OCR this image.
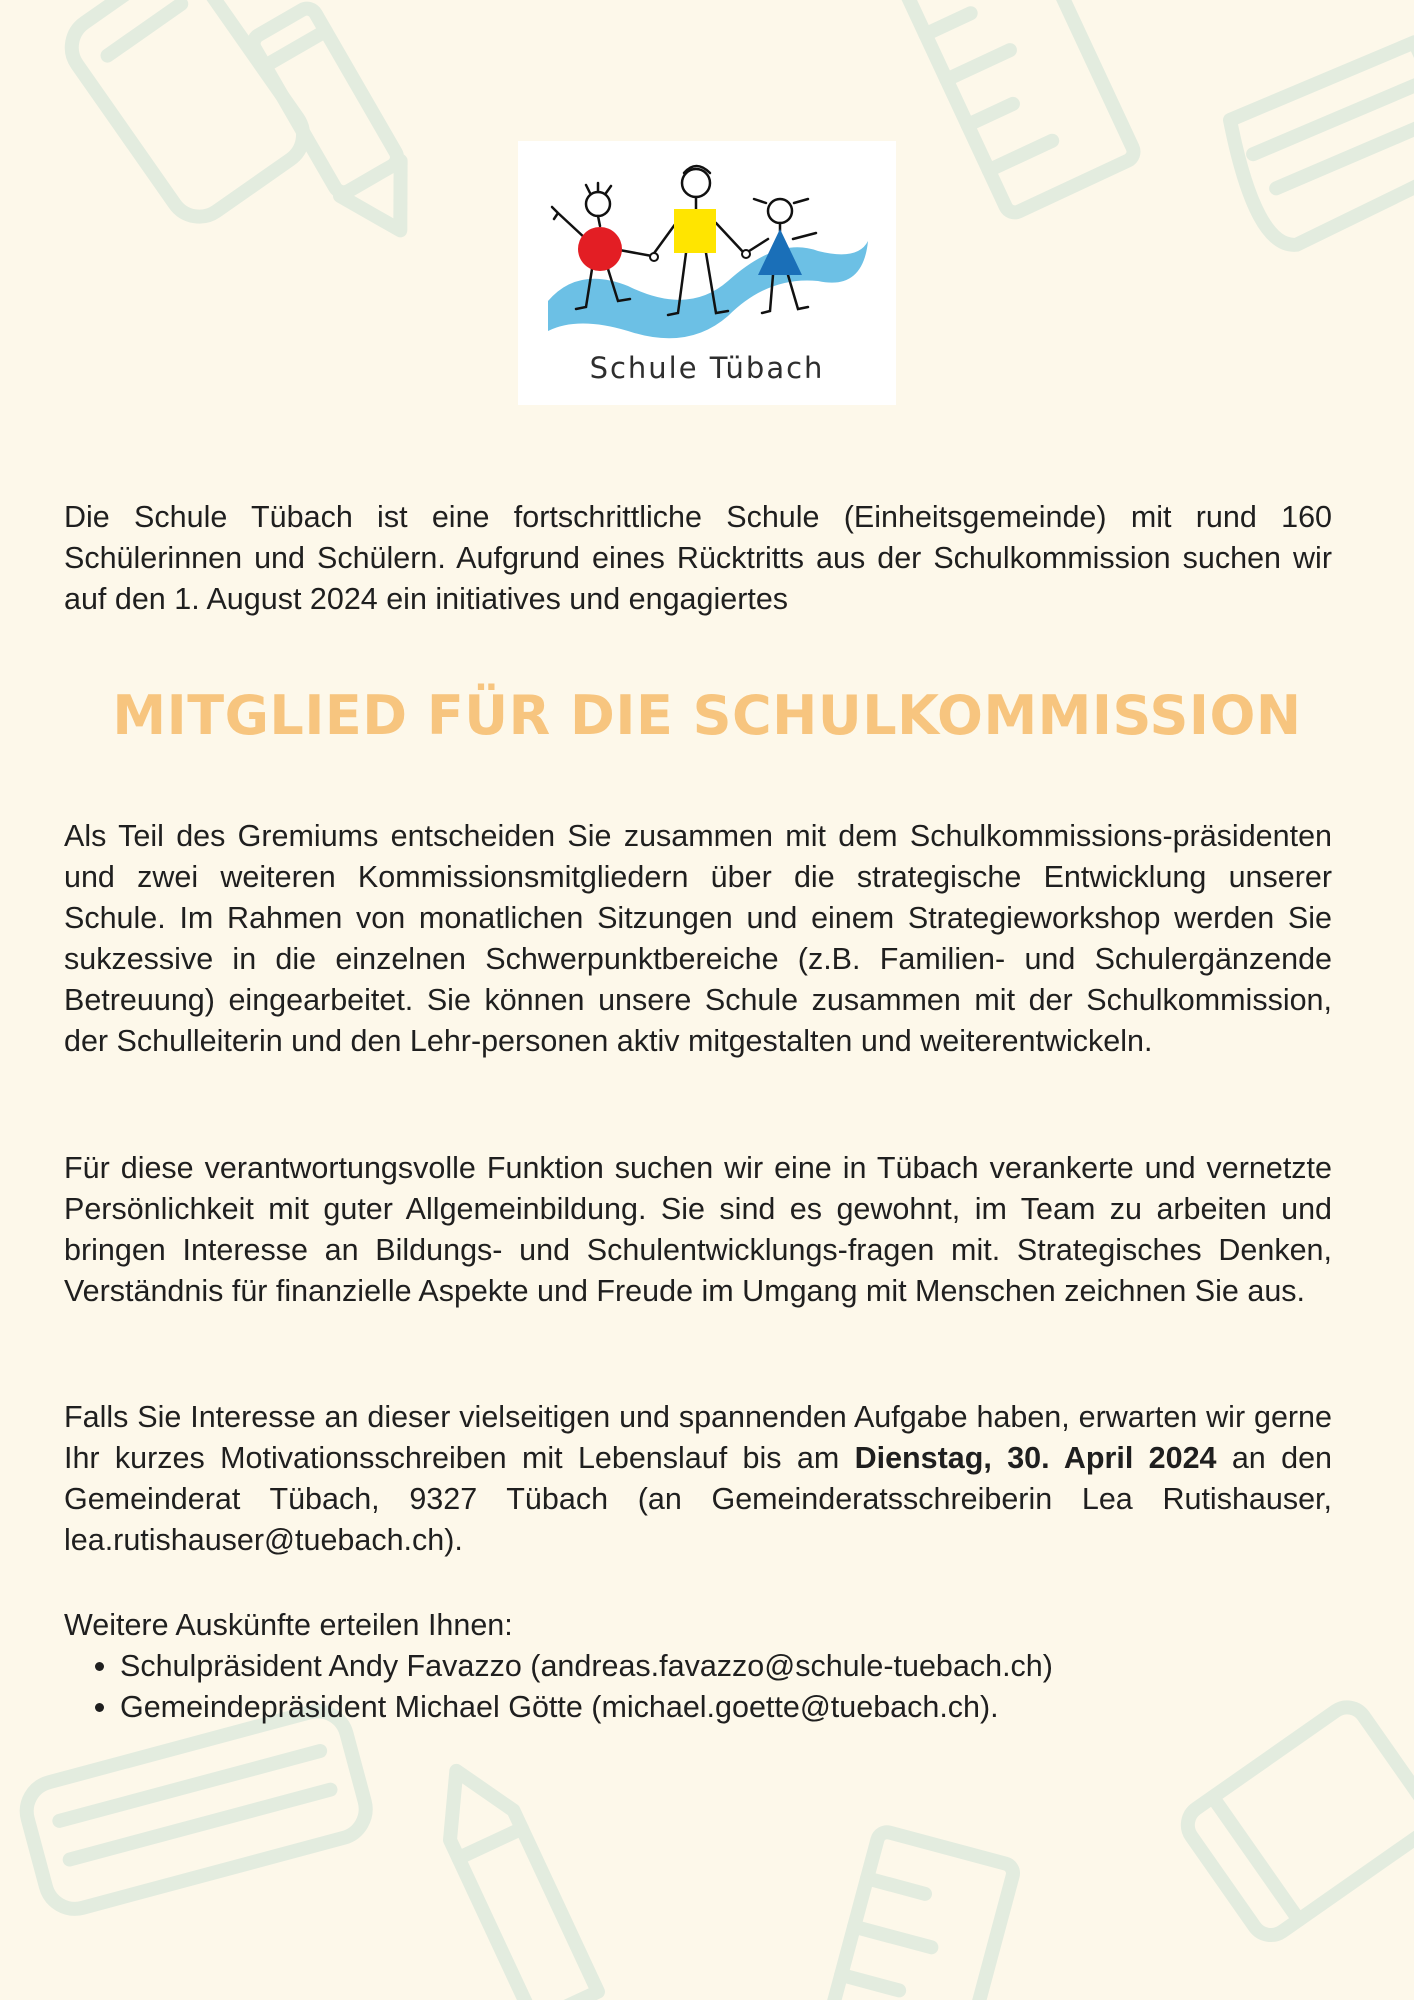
Schule Tübach

Die Schule Tübach ist eine fortschrittliche Schule (Einheitsgemeinde) mit rund 160 Schülerinnen und Schülern. Aufgrund eines Rücktritts aus der Schulkommission suchen wir auf den 1. August 2024 ein initiatives und engagiertes

MITGLIED FÜR DIE SCHULKOMMISSION

Als Teil des Gremiums entscheiden Sie zusammen mit dem Schulkommissions-präsidenten und zwei weiteren Kommissionsmitgliedern über die strategische Entwicklung unserer Schule. Im Rahmen von monatlichen Sitzungen und einem Strategieworkshop werden Sie sukzessive in die einzelnen Schwerpunktbereiche (z.B. Familien- und Schulergänzende Betreuung) eingearbeitet. Sie können unsere Schule zusammen mit der Schulkommission, der Schulleiterin und den Lehr-personen aktiv mitgestalten und weiterentwickeln.

Für diese verantwortungsvolle Funktion suchen wir eine in Tübach verankerte und vernetzte Persönlichkeit mit guter Allgemeinbildung. Sie sind es gewohnt, im Team zu arbeiten und bringen Interesse an Bildungs- und Schulentwicklungs-fragen mit. Strategisches Denken, Verständnis für finanzielle Aspekte und Freude im Umgang mit Menschen zeichnen Sie aus.

Falls Sie Interesse an dieser vielseitigen und spannenden Aufgabe haben, erwarten wir gerne Ihr kurzes Motivationsschreiben mit Lebenslauf bis am Dienstag, 30. April 2024 an den Gemeinderat Tübach, 9327 Tübach (an Gemeinderatsschreiberin Lea Rutishauser, lea.rutishauser@tuebach.ch).

Weitere Auskünfte erteilen Ihnen:
• Schulpräsident Andy Favazzo (andreas.favazzo@schule-tuebach.ch)
• Gemeindepräsident Michael Götte (michael.goette@tuebach.ch).
